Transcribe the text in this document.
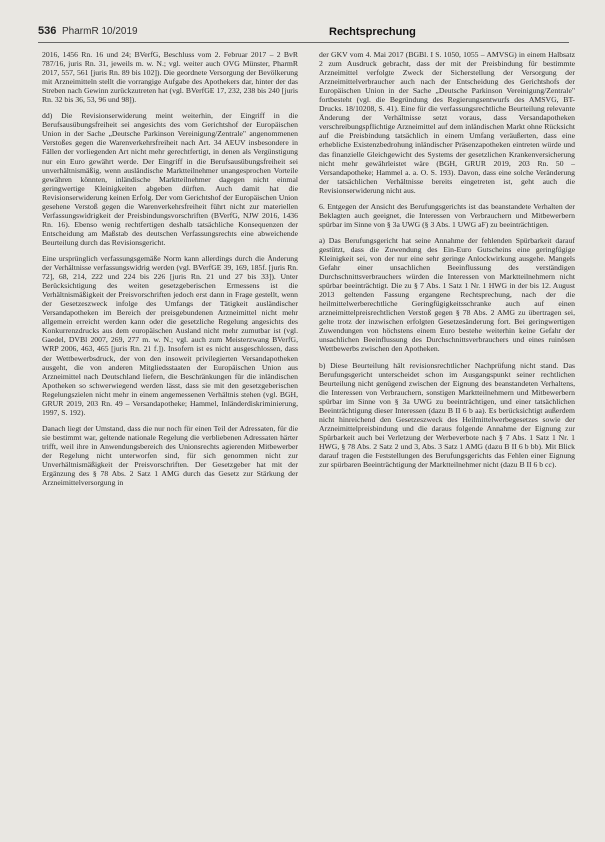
536 PharmR 10/2019	Rechtsprechung

2016, 1456 Rn. 16 und 24; BVerfG, Beschluss vom 2. Februar 2017 – 2 BvR 787/16, juris Rn. 31, jeweils m. w. N.; vgl. weiter auch OVG Münster, PharmR 2017, 557, 561 [juris Rn. 89 bis 102]). Die geordnete Versorgung der Bevölkerung mit Arzneimitteln stellt die vorrangige Aufgabe des Apothekers dar, hinter der das Streben nach Gewinn zurückzutreten hat (vgl. BVerfGE 17, 232, 238 bis 240 [juris Rn. 32 bis 36, 53, 96 und 98]).

dd) Die Revisionserwiderung meint weiterhin, der Eingriff in die Berufsausübungsfreiheit sei angesichts des vom Gerichtshof der Europäischen Union in der Sache „Deutsche Parkinson Vereinigung/Zentrale" angenommenen Verstoßes gegen die Warenverkehrsfreiheit nach Art. 34 AEUV insbesondere in Fällen der vorliegenden Art nicht mehr gerechtfertigt, in denen als Vergünstigung nur ein Euro gewährt werde. Der Eingriff in die Berufsausübungsfreiheit sei unverhältnismäßig, wenn ausländische Marktteilnehmer unangesprochen Vorteile gewähren könnten, inländische Marktteilnehmer dagegen nicht einmal geringwertige Kleinigkeiten abgeben dürften. Auch damit hat die Revisionserwiderung keinen Erfolg. Der vom Gerichtshof der Europäischen Union gesehene Verstoß gegen die Warenverkehrsfreiheit führt nicht zur materiellen Verfassungswidrigkeit der Preisbindungsvorschriften (BVerfG, NJW 2016, 1436 Rn. 16). Ebenso wenig rechtfertigen deshalb tatsächliche Konsequenzen der Entscheidung am Maßstab des deutschen Verfassungsrechts eine abweichende Beurteilung durch das Revisionsgericht.

Eine ursprünglich verfassungsgemäße Norm kann allerdings durch die Änderung der Verhältnisse verfassungswidrig werden (vgl. BVerfGE 39, 169, 185f. [juris Rn. 72], 68, 214, 222 und 224 bis 226 [juris Rn. 21 und 27 bis 33]). Unter Berücksichtigung des weiten gesetzgeberischen Ermessens ist die Verhältnismäßigkeit der Preisvorschriften jedoch erst dann in Frage gestellt, wenn der Gesetzeszweck infolge des Umfangs der Tätigkeit ausländischer Versandapotheken im Bereich der preisgebundenen Arzneimittel nicht mehr allgemein erreicht werden kann oder die gesetzliche Regelung angesichts des Konkurrenzdrucks aus dem europäischen Ausland nicht mehr zumutbar ist (vgl. Gaedel, DVBl 2007, 269, 277 m. w. N.; vgl. auch zum Meisterzwang BVerfG, WRP 2006, 463, 465 [juris Rn. 21 f.]). Insofern ist es nicht ausgeschlossen, dass der Wettbewerbsdruck, der von den insoweit privilegierten Versandapotheken ausgeht, die von anderen Mitgliedsstaaten der Europäischen Union aus Arzneimittel nach Deutschland liefern, die Beschränkungen für die inländischen Apotheken so schwerwiegend werden lässt, dass sie mit den gesetzgeberischen Regelungszielen nicht mehr in einem angemessenen Verhältnis stehen (vgl. BGH, GRUR 2019, 203 Rn. 49 – Versandapotheke; Hammel, Inländerdiskriminierung, 1997, S. 192).

Danach liegt der Umstand, dass die nur noch für einen Teil der Adressaten, für die sie bestimmt war, geltende nationale Regelung die verbliebenen Adressaten härter trifft, weil ihre in Anwendungsbereich des Unionsrechts agierenden Mitbewerber der Regelung nicht unterworfen sind, für sich genommen nicht zur Unverhältnismäßigkeit der Preisvorschriften. Der Gesetzgeber hat mit der Ergänzung des § 78 Abs. 2 Satz 1 AMG durch das Gesetz zur Stärkung der Arzneimittelversorgung in

der GKV vom 4. Mai 2017 (BGBl. I S. 1050, 1055 – AMVSG) in einem Halbsatz 2 zum Ausdruck gebracht, dass der mit der Preisbindung für bestimmte Arzneimittel verfolgte Zweck der Sicherstellung der Versorgung der Arzneimittelverbraucher auch nach der Entscheidung des Gerichtshofs der Europäischen Union in der Sache „Deutsche Parkinson Vereinigung/Zentrale" fortbesteht (vgl. die Begründung des Regierungsentwurfs des AMSVG, BT-Drucks. 18/10208, S. 41). Eine für die verfassungsrechtliche Beurteilung relevante Änderung der Verhältnisse setzt voraus, dass Versandapotheken verschreibungspflichtige Arzneimittel auf dem inländischen Markt ohne Rücksicht auf die Preisbindung tatsächlich in einem Umfang veräußerten, dass eine erhebliche Existenzbedrohung inländischer Präsenzapotheken eintreten würde und das finanzielle Gleichgewicht des Systems der gesetzlichen Krankenversicherung nicht mehr gewährleistet wäre (BGH, GRUR 2019, 203 Rn. 50 – Versandapotheke; Hammel a. a. O. S. 193). Davon, dass eine solche Veränderung der tatsächlichen Verhältnisse bereits eingetreten ist, geht auch die Revisionserwiderung nicht aus.

6. Entgegen der Ansicht des Berufungsgerichts ist das beanstandete Verhalten der Beklagten auch geeignet, die Interessen von Verbrauchern und Mitbewerbern spürbar im Sinne von § 3a UWG (§ 3 Abs. 1 UWG aF) zu beeinträchtigen.

a) Das Berufungsgericht hat seine Annahme der fehlenden Spürbarkeit darauf gestützt, dass die Zuwendung des Ein-Euro Gutscheins eine geringfügige Kleinigkeit sei, von der nur eine sehr geringe Anlockwirkung ausgehe. Mangels Gefahr einer unsachlichen Beeinflussung des verständigen Durchschnittsverbrauchers würden die Interessen von Marktteilnehmern nicht spürbar beeinträchtigt. Die zu § 7 Abs. 1 Satz 1 Nr. 1 HWG in der bis 12. August 2013 geltenden Fassung ergangene Rechtsprechung, nach der die heilmittelwerberechtliche Geringfügigkeitsschranke auch auf einen arzneimittelpreisrechtlichen Verstoß gegen § 78 Abs. 2 AMG zu übertragen sei, gelte trotz der inzwischen erfolgten Gesetzesänderung fort. Bei geringwertigen Zuwendungen von höchstens einem Euro bestehe weiterhin keine Gefahr der unsachlichen Beeinflussung des Durchschnittsverbrauchers und eines ruinösen Wettbewerbs zwischen den Apotheken.

b) Diese Beurteilung hält revisionsrechtlicher Nachprüfung nicht stand. Das Berufungsgericht unterscheidet schon im Ausgangspunkt seiner rechtlichen Beurteilung nicht genügend zwischen der Eignung des beanstandeten Verhaltens, die Interessen von Verbrauchern, sonstigen Marktteilnehmern und Mitbewerbern spürbar im Sinne von § 3a UWG zu beeinträchtigen, und einer tatsächlichen Beeinträchtigung dieser Interessen (dazu B II 6 b aa). Es berücksichtigt außerdem nicht hinreichend den Gesetzeszweck des Heilmittelwerbegesetzes sowie der Arzneimittelpreisbindung und die daraus folgende Annahme der Eignung zur Spürbarkeit auch bei Verletzung der Werbeverbote nach § 7 Abs. 1 Satz 1 Nr. 1 HWG, § 78 Abs. 2 Satz 2 und 3, Abs. 3 Satz 1 AMG (dazu B II 6 b bb). Mit Blick darauf tragen die Feststellungen des Berufungsgerichts das Fehlen einer Eignung zur spürbaren Beeinträchtigung der Marktteilnehmer nicht (dazu B II 6 b cc).
